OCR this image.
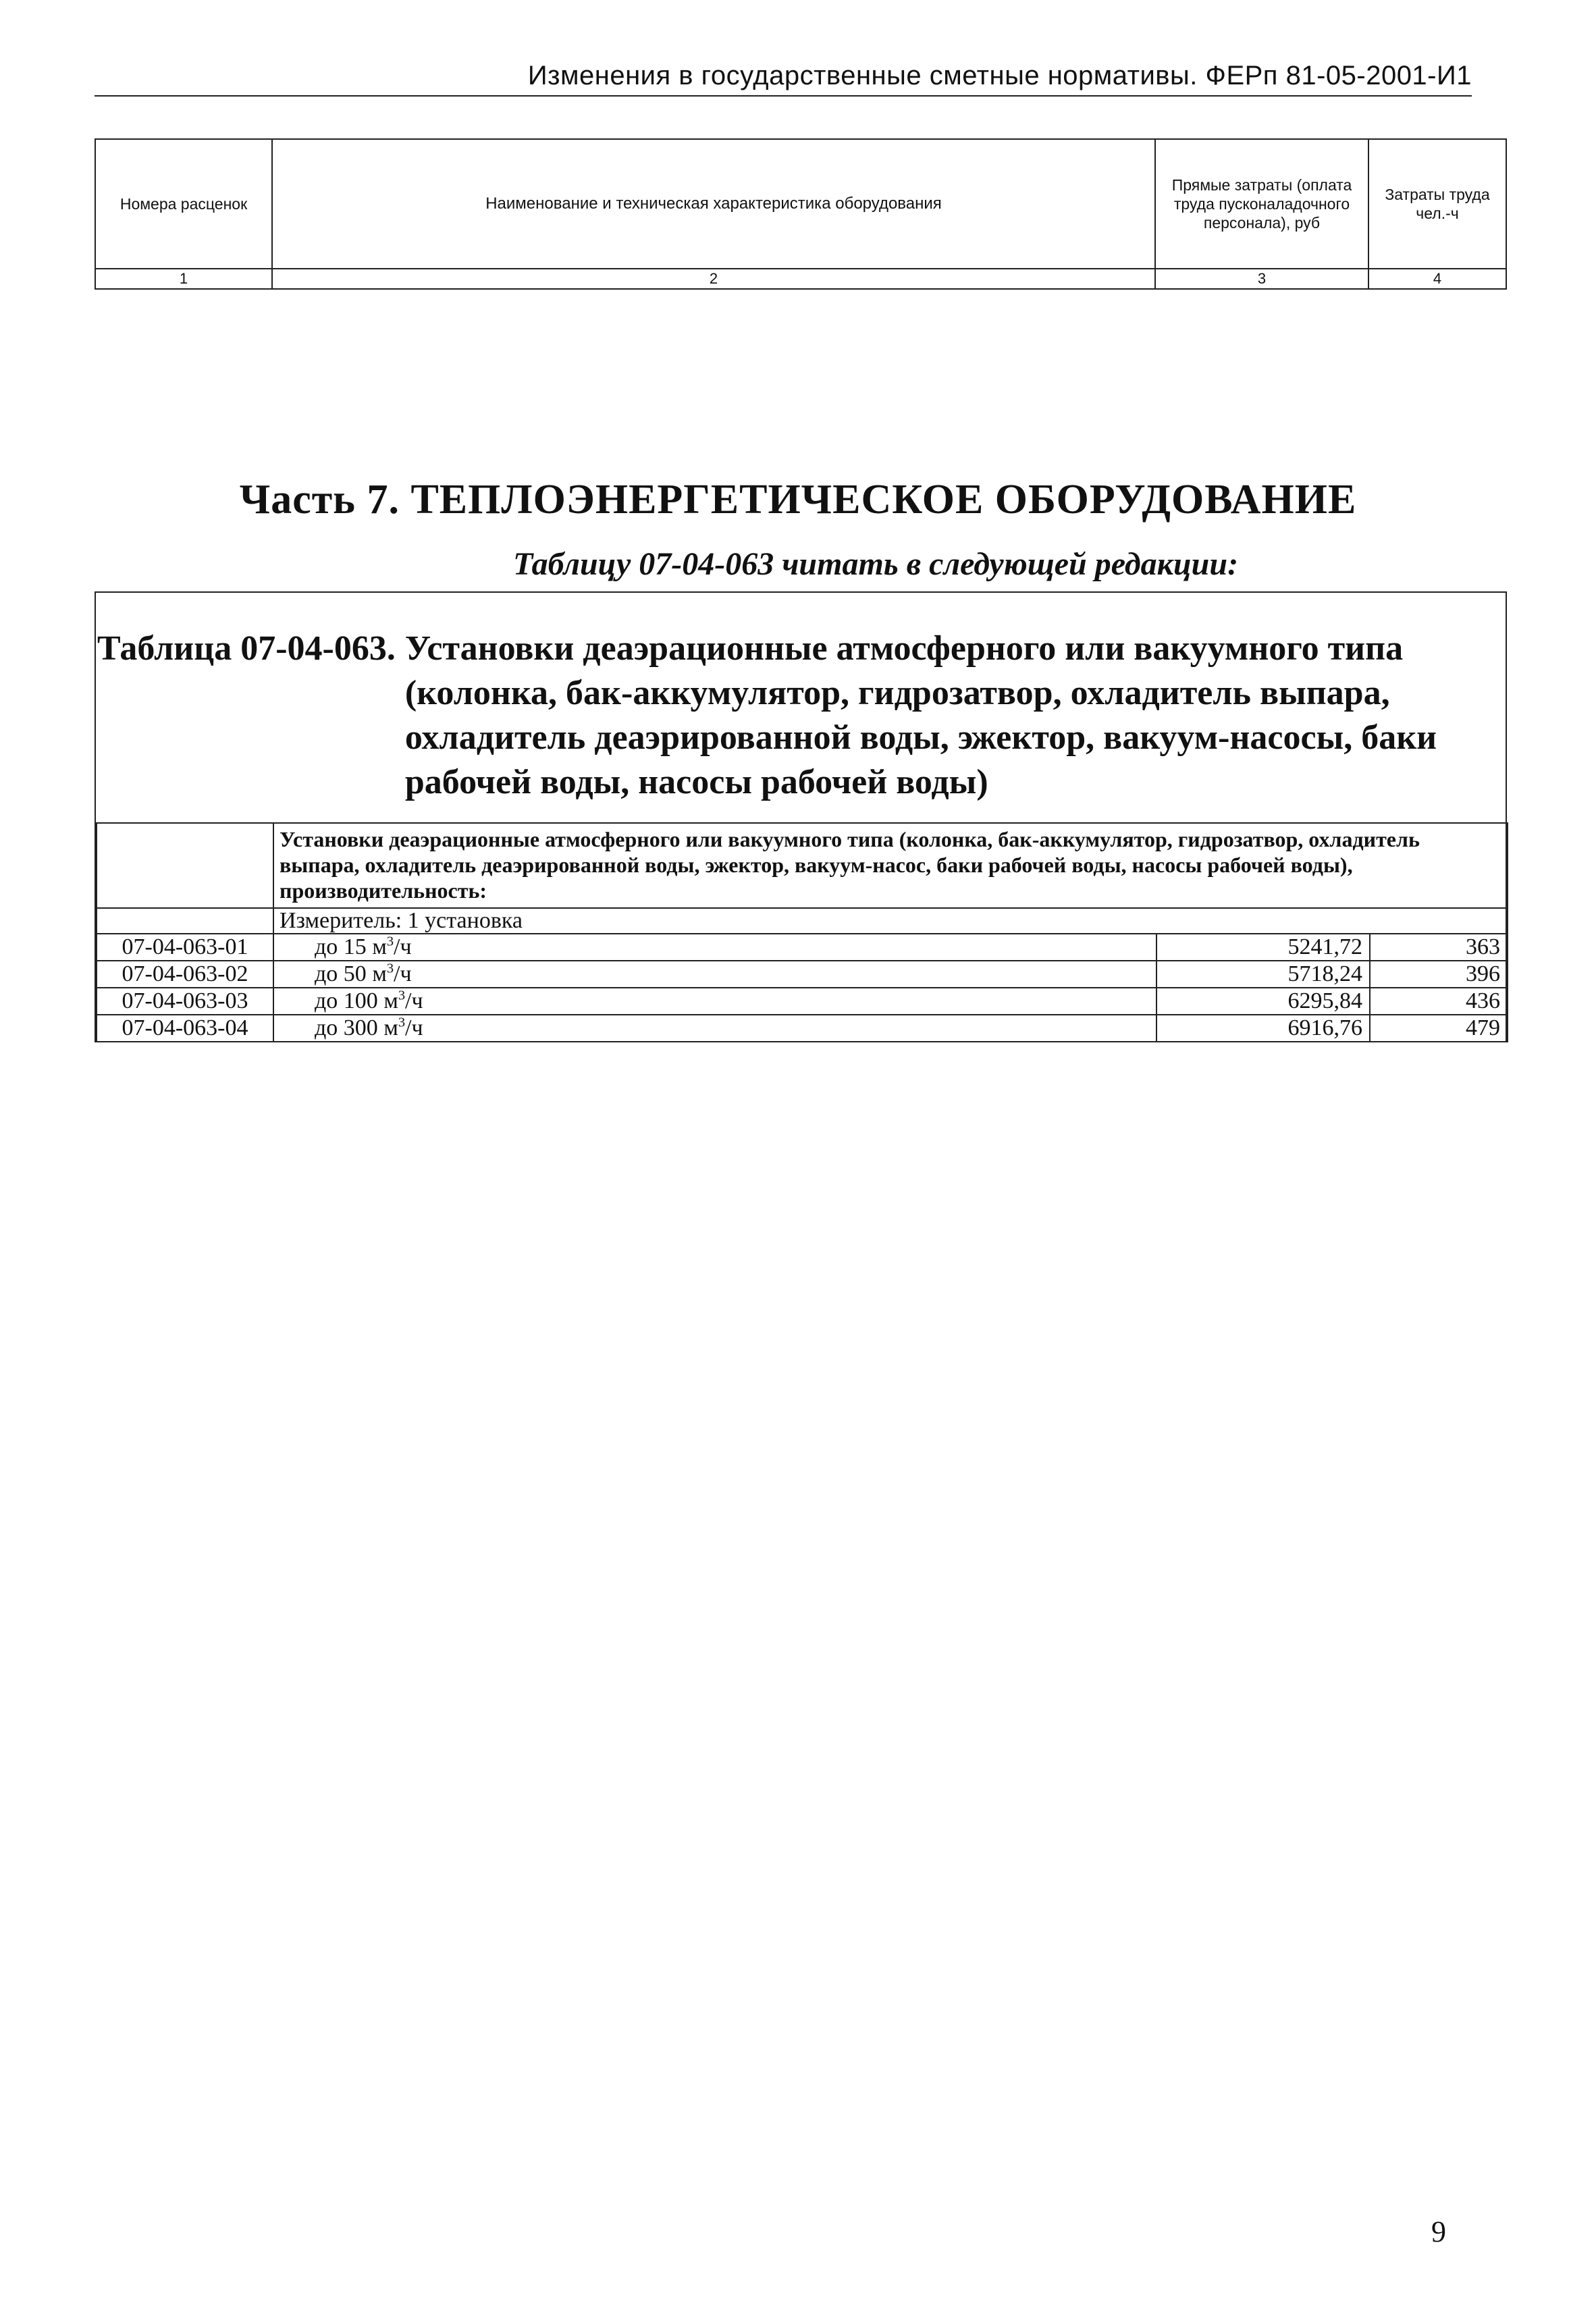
Изменения в государственные сметные нормативы. ФЕРп 81-05-2001-И1
Номера расценок	Наименование и техническая характеристика оборудования	Прямые затраты (оплата труда пусконаладочного персонала), руб	Затраты труда чел.-ч
1	2	3	4
Часть 7. ТЕПЛОЭНЕРГЕТИЧЕСКОЕ ОБОРУДОВАНИЕ
Таблицу 07-04-063 читать в следующей редакции:
Таблица 07-04-063. Установки деаэрационные атмосферного или вакуумного типа (колонка, бак-аккумулятор, гидрозатвор, охладитель выпара, охладитель деаэрированной воды, эжектор, вакуум-насосы, баки рабочей воды, насосы рабочей воды)
	Установки деаэрационные атмосферного или вакуумного типа (колонка, бак-аккумулятор, гидрозатвор, охладитель выпара, охладитель деаэрированной воды, эжектор, вакуум-насос, баки рабочей воды, насосы рабочей воды), производительность:		
	Измеритель: 1 установка		
07-04-063-01	до 15 $м^3/ч$	5241,72	363
07-04-063-02	до 50 $м^3/ч$	5718,24	396
07-04-063-03	до 100 $м^3/ч$	6295,84	436
07-04-063-04	до 300 $м^3/ч$	6916,76	479
9
